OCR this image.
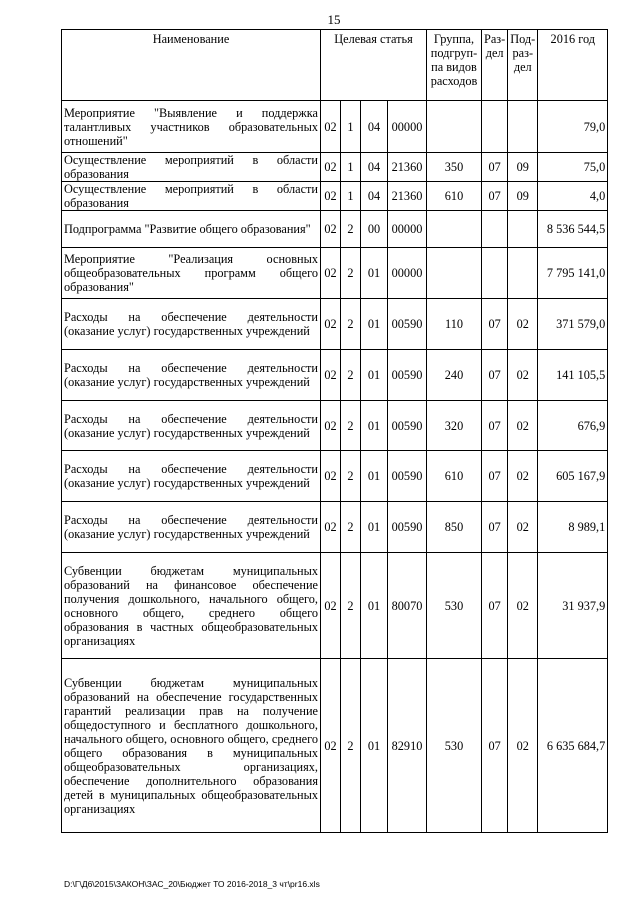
15
Наименование	Целевая статья				Группа, подгруп- па видов расходов	Раз- дел	Под- раз- дел	2016 год
Мероприятие "Выявление и поддержка талантливых участников образовательных отношений"	02	1	04	00000				79,0
Осуществление мероприятий в области образования	02	1	04	21360	350	07	09	75,0
Осуществление мероприятий в области образования	02	1	04	21360	610	07	09	4,0
Подпрограмма "Развитие общего образования"	02	2	00	00000				8 536 544,5
Мероприятие "Реализация основных общеобразовательных программ общего образования"	02	2	01	00000				7 795 141,0
Расходы на обеспечение деятельности (оказание услуг) государственных учреждений	02	2	01	00590	110	07	02	371 579,0
Расходы на обеспечение деятельности (оказание услуг) государственных учреждений	02	2	01	00590	240	07	02	141 105,5
Расходы на обеспечение деятельности (оказание услуг) государственных учреждений	02	2	01	00590	320	07	02	676,9
Расходы на обеспечение деятельности (оказание услуг) государственных учреждений	02	2	01	00590	610	07	02	605 167,9
Расходы на обеспечение деятельности (оказание услуг) государственных учреждений	02	2	01	00590	850	07	02	8 989,1
Субвенции бюджетам муниципальных образований на финансовое обеспечение получения дошкольного, начального общего, основного общего, среднего общего образования в частных общеобразовательных организациях	02	2	01	80070	530	07	02	31 937,9
Субвенции бюджетам муниципальных образований на обеспечение государственных гарантий реализации прав на получение общедоступного и бесплатного дошкольного, начального общего, основного общего, среднего общего образования в муниципальных общеобразовательных организациях, обеспечение дополнительного образования детей в муниципальных общеобразовательных организациях	02	2	01	82910	530	07	02	6 635 684,7
D:\Г\Д6\2015\ЗАКОН\ЗАС_20\Бюджет ТО 2016-2018_3 чт\pr16.xls
